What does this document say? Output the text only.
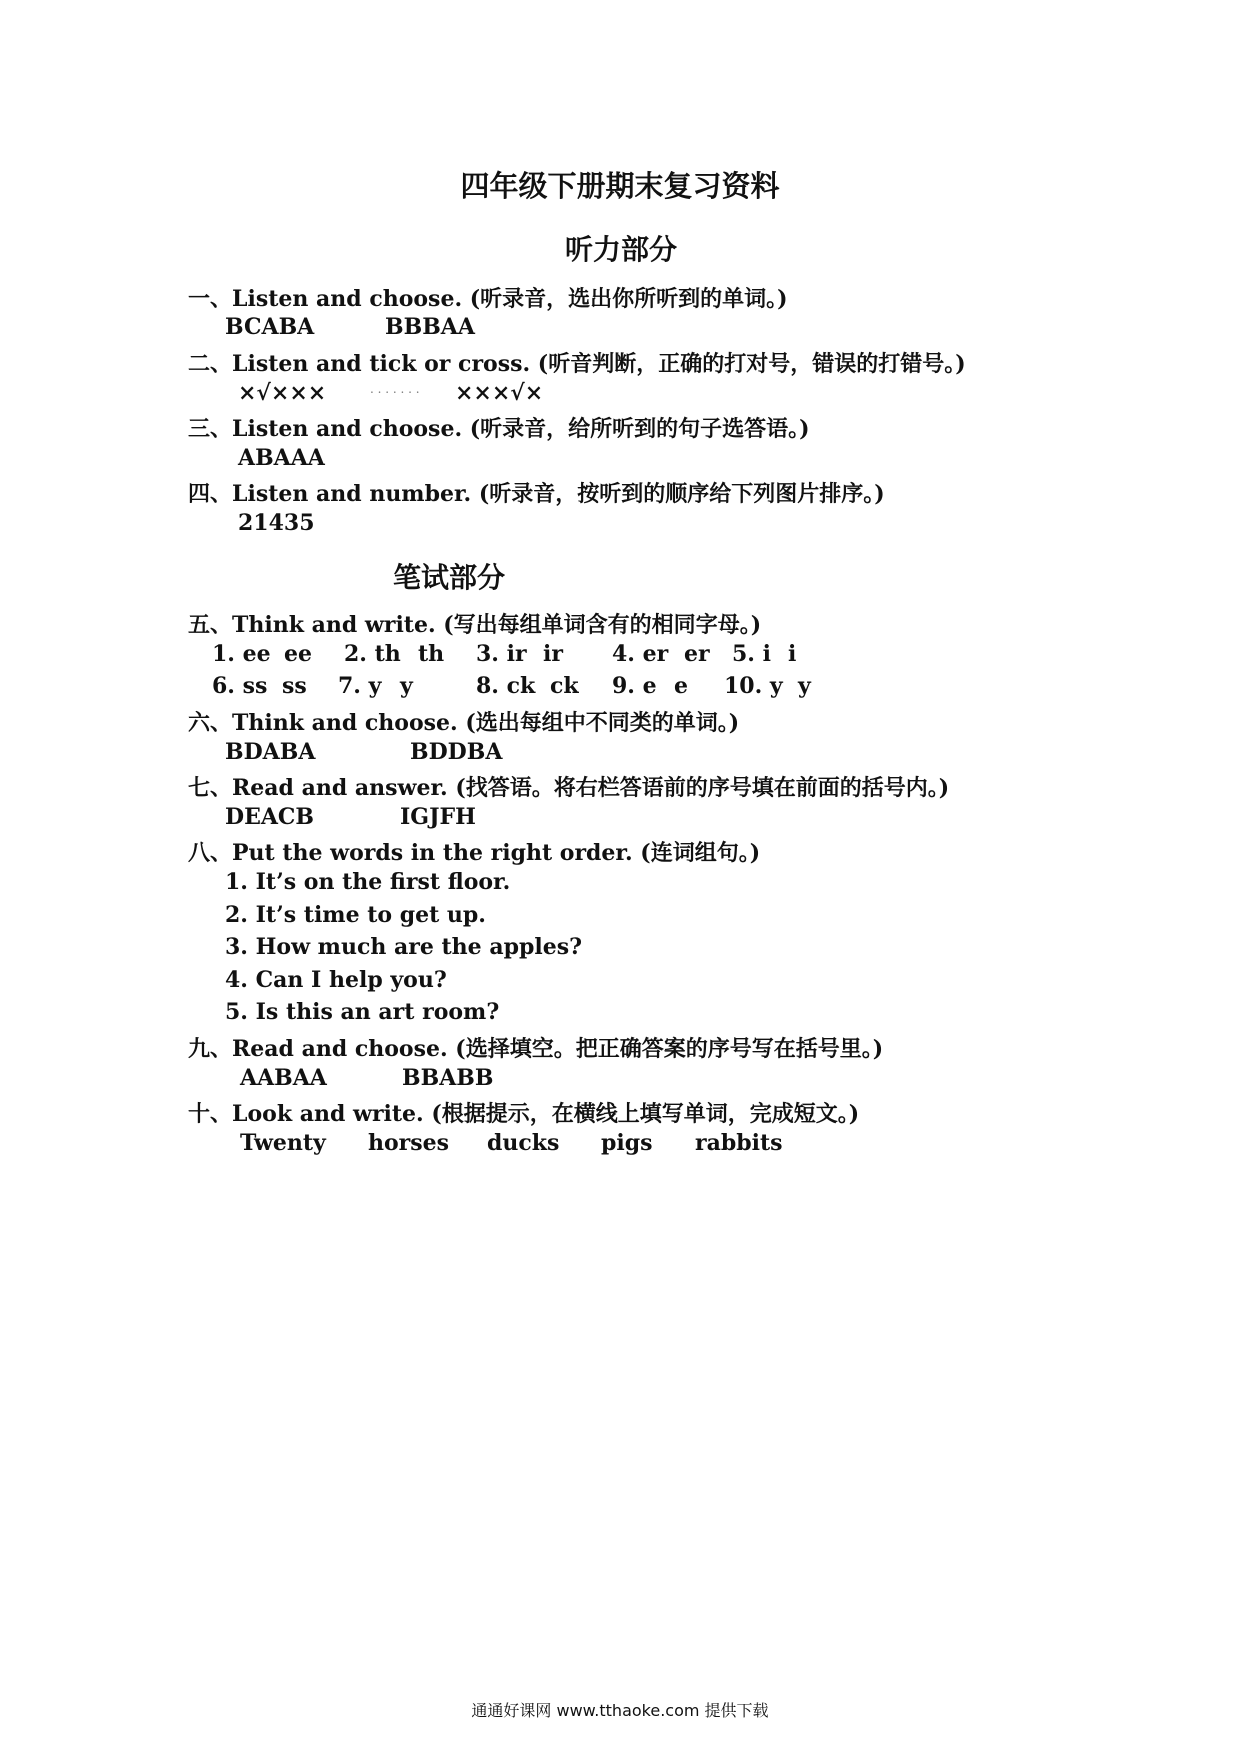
四年级下册期末复习资料
听力部分
一、Listen and choose. (听录音，选出你所听到的单词。)
BCABA	BBBAA
二、Listen and tick or cross. (听音判断，正确的打对号，错误的打错号。)
×√×××	. . . . . . . ×××√×
三、Listen and choose. (听录音，给所听到的句子选答语。)
ABAAA
四、Listen and number. (听录音，按听到的顺序给下列图片排序。)
21435
笔试部分
五、Think and write. (写出每组单词含有的相同字母。)
1. ee ee 2. th th 3. ir ir 4. er er 5. i i
6. ss ss 7. y y	8. ck ck 9. e e 10. y y
六、Think and choose. (选出每组中不同类的单词。)
BDABA	BDDBA
七、Read and answer. (找答语。将右栏答语前的序号填在前面的括号内。)
DEACB	IGJFH
八、Put the words in the right order. (连词组句。)
1. It’s on the first floor.
2. It’s time to get up.
3. How much are the apples?
4. Can I help you?
5. Is this an art room?
九、Read and choose. (选择填空。把正确答案的序号写在括号里。)
AABAA	BBABB
十、Look and write. (根据提示，在横线上填写单词，完成短文。)
Twenty horses ducks pigs rabbits
通通好课网 www.tthaoke.com 提供下载
